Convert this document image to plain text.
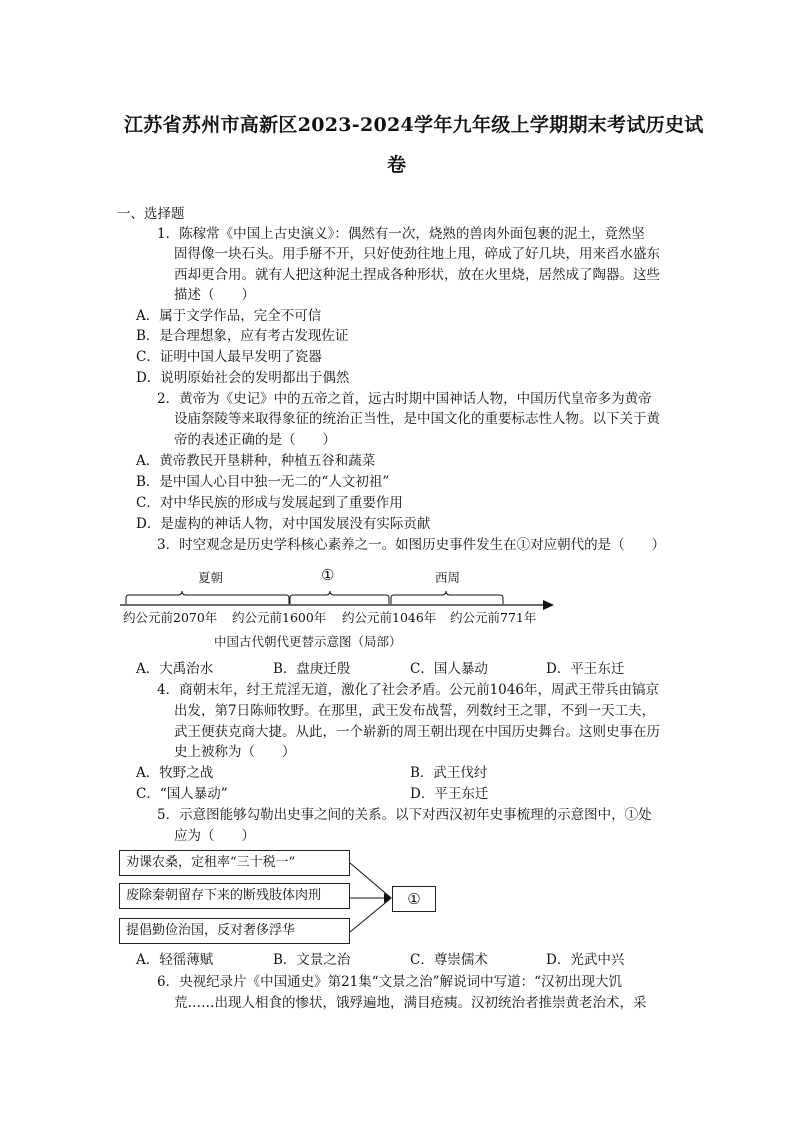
江苏省苏州市高新区2023-2024学年九年级上学期期末考试历史试
卷
一、选择题
1．陈稼常《中国上古史演义》：偶然有一次，烧熟的兽肉外面包裹的泥土，竟然坚
固得像一块石头。用手掰不开，只好使劲往地上甩，碎成了好几块，用来舀水盛东
西却更合用。就有人把这种泥土捏成各种形状，放在火里烧，居然成了陶器。这些
描述（　　）
A．属于文学作品，完全不可信
B．是合理想象，应有考古发现佐证
C．证明中国人最早发明了瓷器
D．说明原始社会的发明都出于偶然
2．黄帝为《史记》中的五帝之首，远古时期中国神话人物，中国历代皇帝多为黄帝
设庙祭陵等来取得象征的统治正当性，是中国文化的重要标志性人物。以下关于黄
帝的表述正确的是（　　）
A．黄帝教民开垦耕种，种植五谷和蔬菜
B．是中国人心目中独一无二的“人文初祖”
C．对中华民族的形成与发展起到了重要作用
D．是虚构的神话人物，对中国发展没有实际贡献
3．时空观念是历史学科核心素养之一。如图历史事件发生在①对应朝代的是（　　）
夏朝	①	西周
约公元前2070年 约公元前1600年 约公元前1046年 约公元前771年
中国古代朝代更替示意图（局部）
A．大禹治水	B．盘庚迁殷	C．国人暴动	D．平王东迁
4．商朝末年，纣王荒淫无道，激化了社会矛盾。公元前1046年，周武王带兵由镐京
出发，第7日陈师牧野。在那里，武王发布战誓，列数纣王之罪，不到一天工夫，
武王便获克商大捷。从此，一个崭新的周王朝出现在中国历史舞台。这则史事在历
史上被称为（　　）
A．牧野之战	B．武王伐纣
C．“国人暴动”	D．平王东迁
5．示意图能够勾勒出史事之间的关系。以下对西汉初年史事梳理的示意图中，①处
应为（　　）
劝课农桑，定租率“三十税一”
废除秦朝留存下来的断残肢体肉刑
提倡勤俭治国，反对奢侈浮华
①
A．轻徭薄赋	B．文景之治	C．尊崇儒术	D．光武中兴
6．央视纪录片《中国通史》第21集“文景之治”解说词中写道：“汉初出现大饥
荒……出现人相食的惨状，饿殍遍地，满目疮痍。汉初统治者推崇黄老治术，采
